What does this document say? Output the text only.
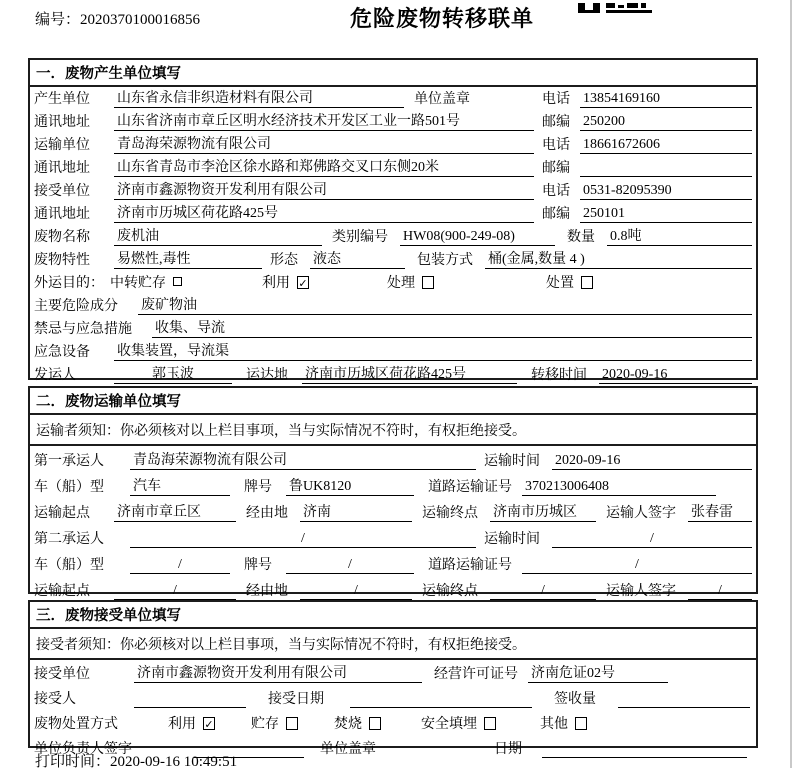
编号：2020370100016856	危险废物转移联单
一．废物产生单位填写
产生单位	山东省永信非织造材料有限公司	单位盖章	电话 13854169160
通讯地址	山东省济南市章丘区明水经济技术开发区工业一路501号	邮编 250200
运输单位	青岛海荣源物流有限公司	电话 18661672606
通讯地址	山东省青岛市李沧区徐水路和郑佛路交叉口东侧20米	邮编
接受单位	济南市鑫源物资开发利用有限公司	电话 0531-82095390
通讯地址	济南市历城区荷花路425号	邮编 250101
废物名称	废机油	类别编号 HW08(900-249-08)	数量 0.8吨
废物特性	易燃性,毒性	形态 液态	包装方式 桶(金属,数量 4 )
外运目的： 中转贮存	利用 ✓	处理	处置
主要危险成分	废矿物油
禁忌与应急措施	收集、导流
应急设备	收集装置，导流渠
发运人	郭玉波	运达地 济南市历城区荷花路425号	转移时间 2020-09-16
二．废物运输单位填写
运输者须知：你必须核对以上栏目事项，当与实际情况不符时，有权拒绝接受。
第一承运人	青岛海荣源物流有限公司	运输时间 2020-09-16
车（船）型	汽车	牌号 鲁UK8120	道路运输证号 370213006408
运输起点	济南市章丘区	经由地 济南	运输终点 济南市历城区	运输人签字 张春雷
第二承运人	/	运输时间	/
车（船）型	/	牌号	/	道路运输证号	/
运输起点	/	经由地	/	运输终点	/	运输人签字	/
三．废物接受单位填写
接受者须知：你必须核对以上栏目事项，当与实际情况不符时，有权拒绝接受。
接受单位	济南市鑫源物资开发利用有限公司	经营许可证号 济南危证02号
接受人	接受日期	签收量
废物处置方式	利用 ✓	贮存	焚烧	安全填埋	其他
单位负责人签字	单位盖章	日期
打印时间：2020-09-16 10:49:51
